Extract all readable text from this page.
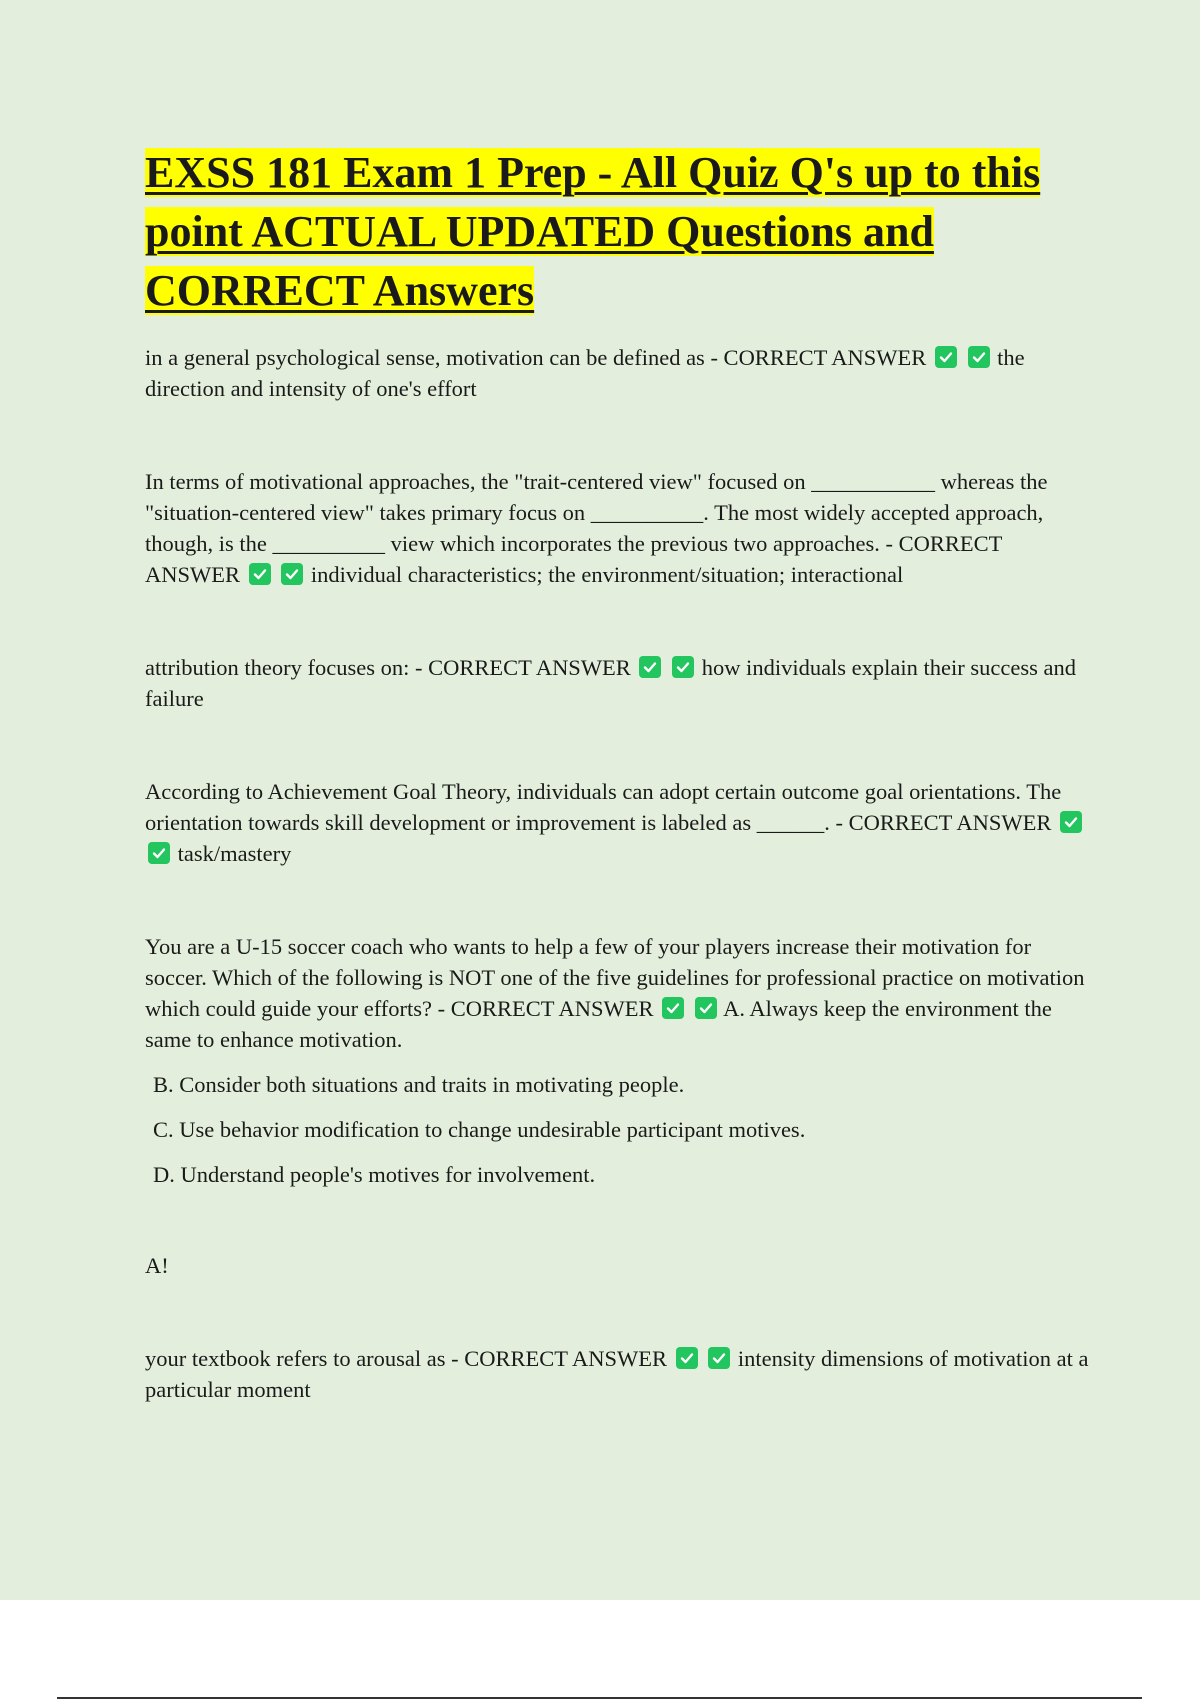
EXSS 181 Exam 1 Prep - All Quiz Q's up to this point ACTUAL UPDATED Questions and CORRECT Answers

in a general psychological sense, motivation can be defined as - CORRECT ANSWER
	the direction and intensity of one's effort

In terms of motivational approaches, the "trait-centered view" focused on ___________ whereas the "situation-centered view" takes primary focus on __________. The most widely accepted approach, though, is the __________ view which incorporates the previous two approaches. - CORRECT ANSWER
	individual characteristics; the environment/situation; interactional

attribution theory focuses on: - CORRECT ANSWER
	how individuals explain their success and failure

According to Achievement Goal Theory, individuals can adopt certain outcome goal orientations. The orientation towards skill development or improvement is labeled as ______. - CORRECT ANSWER

task/mastery

You are a U-15 soccer coach who wants to help a few of your players increase their motivation for soccer. Which of the following is NOT one of the five guidelines for professional practice on motivation which could guide your efforts? - CORRECT ANSWER
	A. Always keep the environment the same to enhance motivation.

B. Consider both situations and traits in motivating people.
C. Use behavior modification to change undesirable participant motives.
D. Understand people's motives for involvement.
A!

your textbook refers to arousal as - CORRECT ANSWER
	intensity dimensions of motivation at a particular moment
